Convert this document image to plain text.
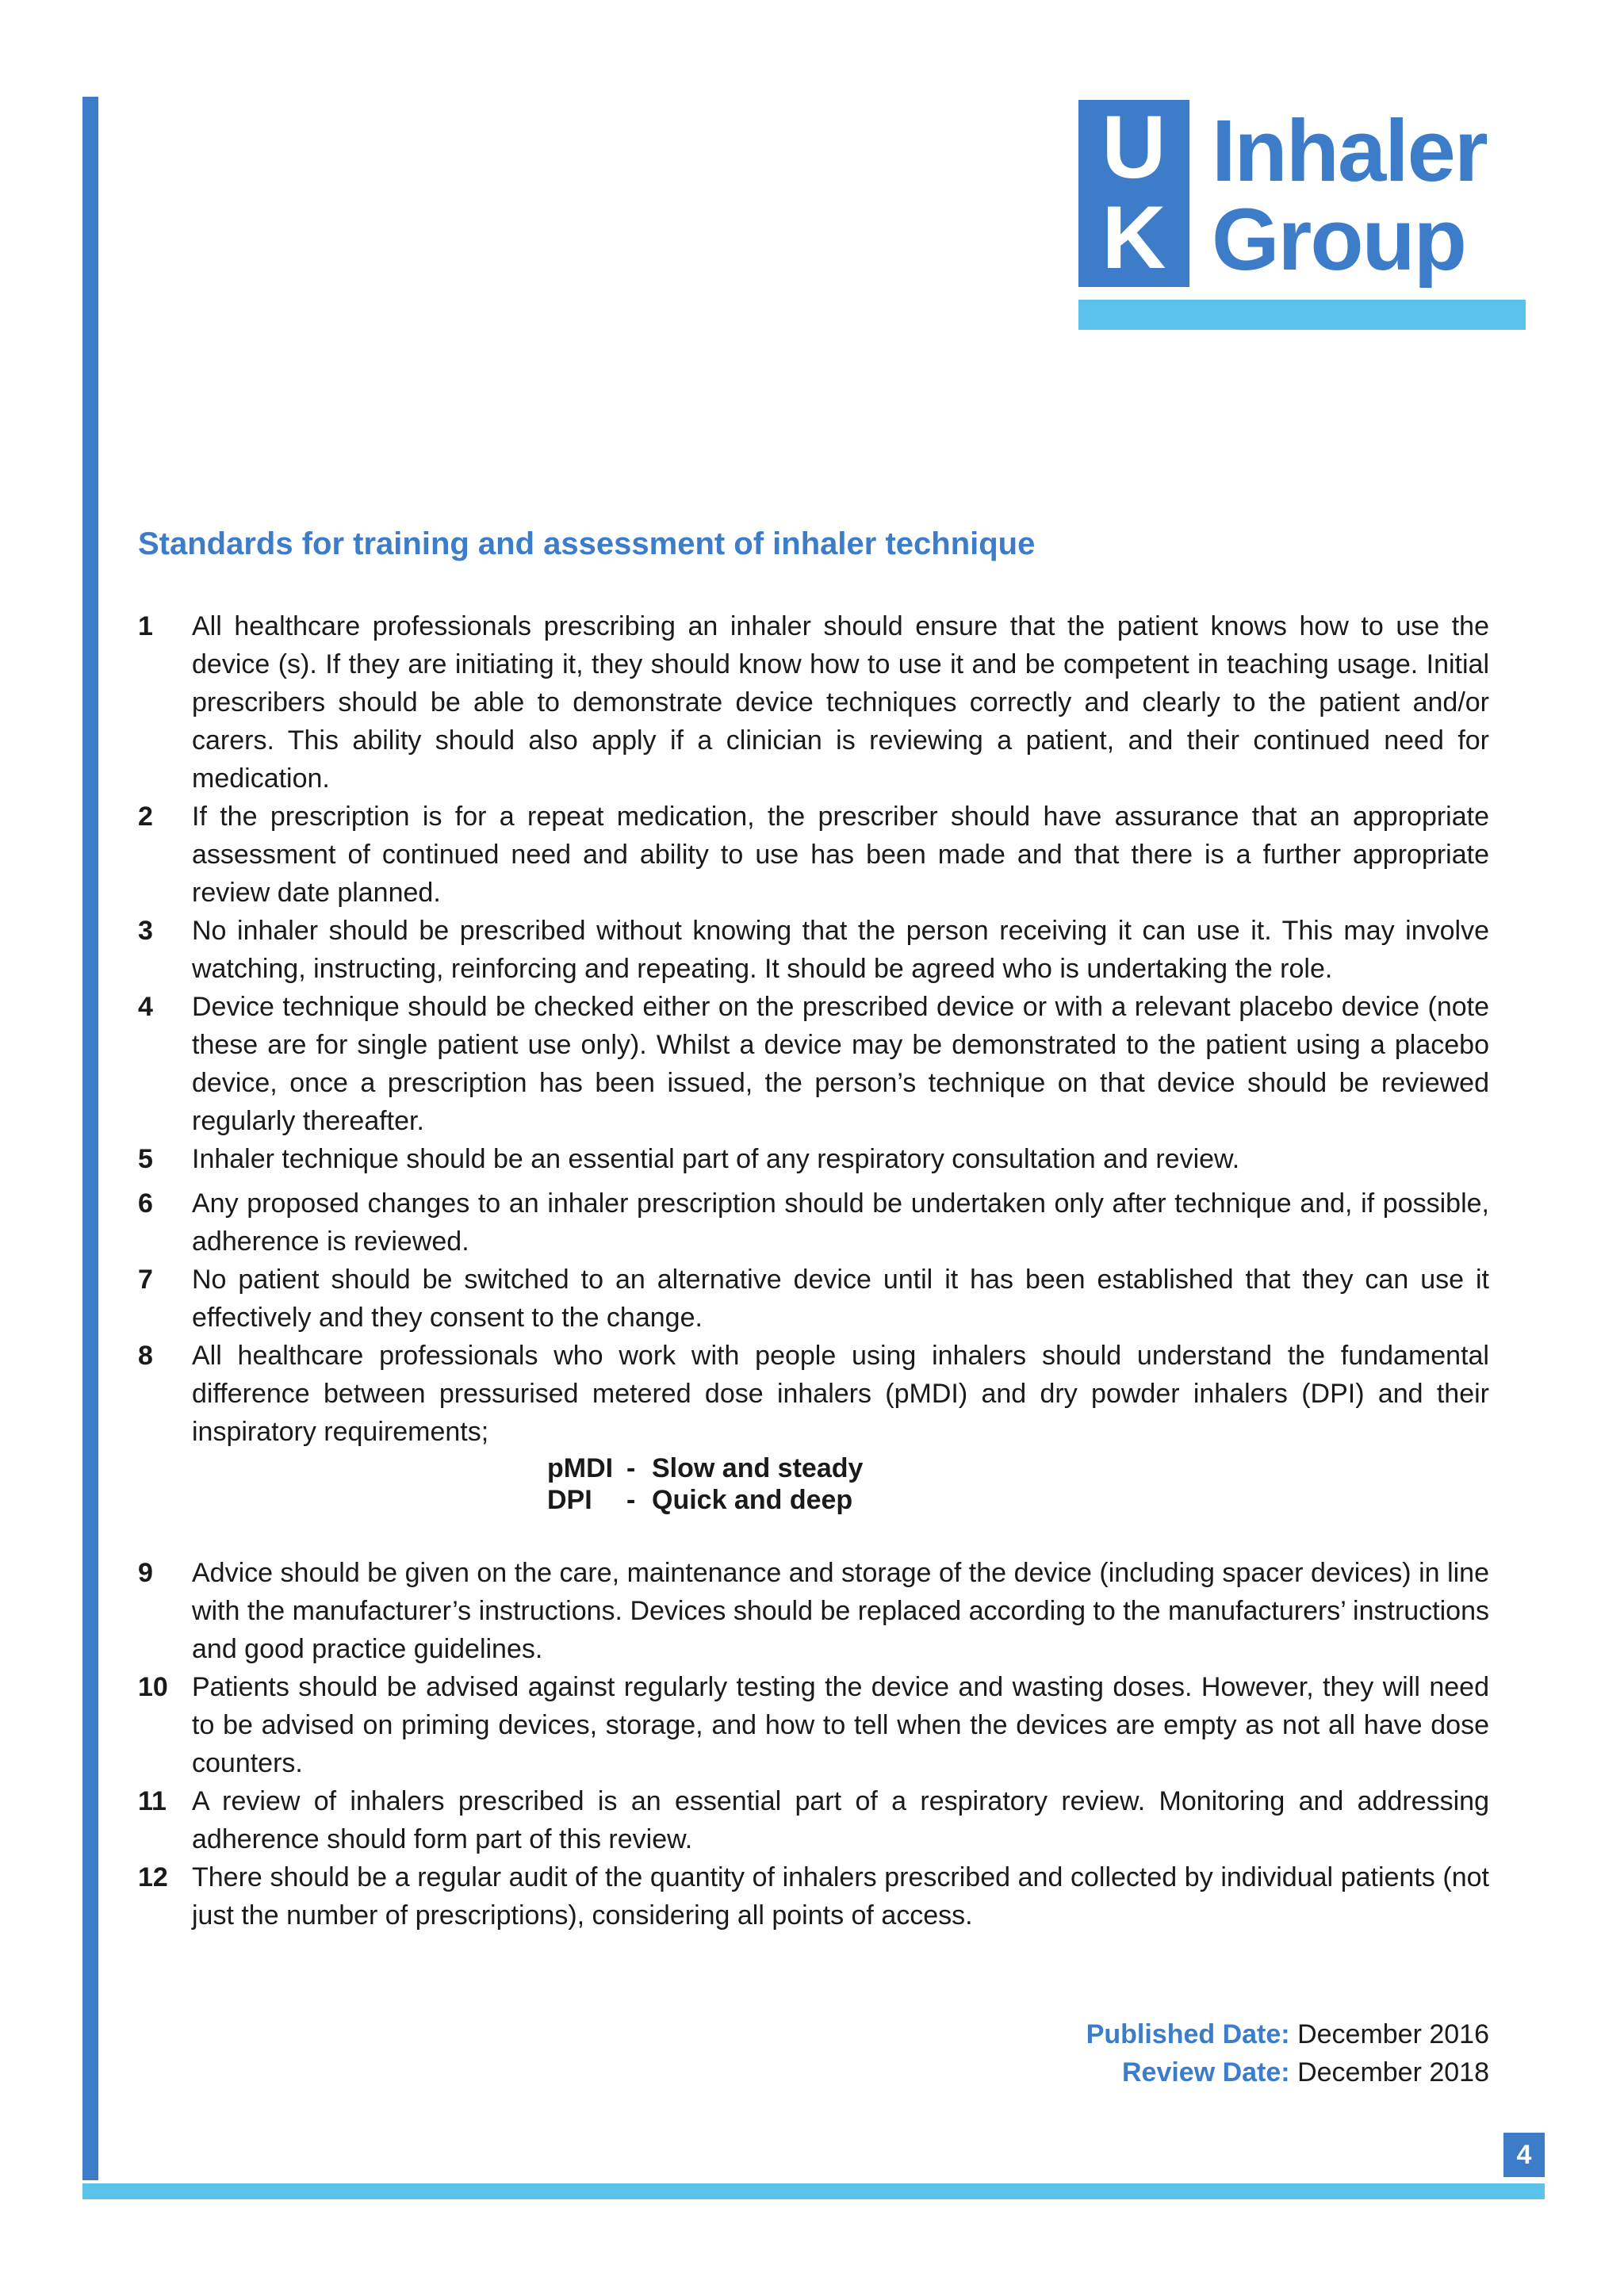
U
K
Inhaler
Group
Standards for training and assessment of inhaler technique
1 All healthcare professionals prescribing an inhaler should ensure that the patient knows how to use the device (s). If they are initiating it, they should know how to use it and be competent in teaching usage. Initial prescribers should be able to demonstrate device techniques correctly and clearly to the patient and/or carers. This ability should also apply if a clinician is reviewing a patient, and their continued need for medication.
2 If the prescription is for a repeat medication, the prescriber should have assurance that an appropriate assessment of continued need and ability to use has been made and that there is a further appropriate review date planned.
3 No inhaler should be prescribed without knowing that the person receiving it can use it. This may involve watching, instructing, reinforcing and repeating. It should be agreed who is undertaking the role.
4 Device technique should be checked either on the prescribed device or with a relevant placebo device (note these are for single patient use only). Whilst a device may be demonstrated to the patient using a placebo device, once a prescription has been issued, the person’s technique on that device should be reviewed regularly thereafter.
5 Inhaler technique should be an essential part of any respiratory consultation and review.
6 Any proposed changes to an inhaler prescription should be undertaken only after technique and, if possible, adherence is reviewed.
7 No patient should be switched to an alternative device until it has been established that they can use it effectively and they consent to the change.
8 All healthcare professionals who work with people using inhalers should understand the fundamental difference between pressurised metered dose inhalers (pMDI) and dry powder inhalers (DPI) and their inspiratory requirements;
pMDI - Slow and steady
DPI	- Quick and deep
9 Advice should be given on the care, maintenance and storage of the device (including spacer devices) in line with the manufacturer’s instructions. Devices should be replaced according to the manufacturers’ instructions and good practice guidelines.
10 Patients should be advised against regularly testing the device and wasting doses. However, they will need to be advised on priming devices, storage, and how to tell when the devices are empty as not all have dose counters.
11 A review of inhalers prescribed is an essential part of a respiratory review. Monitoring and addressing adherence should form part of this review.
12 There should be a regular audit of the quantity of inhalers prescribed and collected by individual patients (not just the number of prescriptions), considering all points of access.
Published Date: December 2016
Review Date: December 2018
4
